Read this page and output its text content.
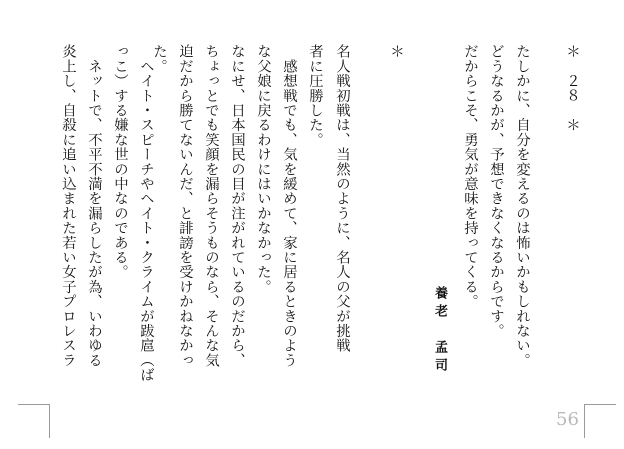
＊　２８　＊
たしかに、自分を変えるのは怖いかもしれない。
どうなるかが、予想できなくなるからです。
だからこそ、勇気が意味を持ってくる。
養老　孟司
＊
名人戦初戦は、当然のように、名人の父が挑戦
者に圧勝した。
　感想戦でも、気を緩めて、家に居るときのよう
な父娘に戻るわけにはいかなかった。
なにせ、日本国民の目が注がれているのだから、
ちょっとでも笑顔を漏らそうものなら、そんな気
迫だから勝てないんだ、と誹謗を受けかねなかっ
た。
　ヘイト・スピーチやヘイト・クライムが跋扈（ば
っこ）する嫌な世の中なのである。
　ネットで、不平不満を漏らしたが為、いわゆる
炎上し、自殺に追い込まれた若い女子プロレスラ
56
